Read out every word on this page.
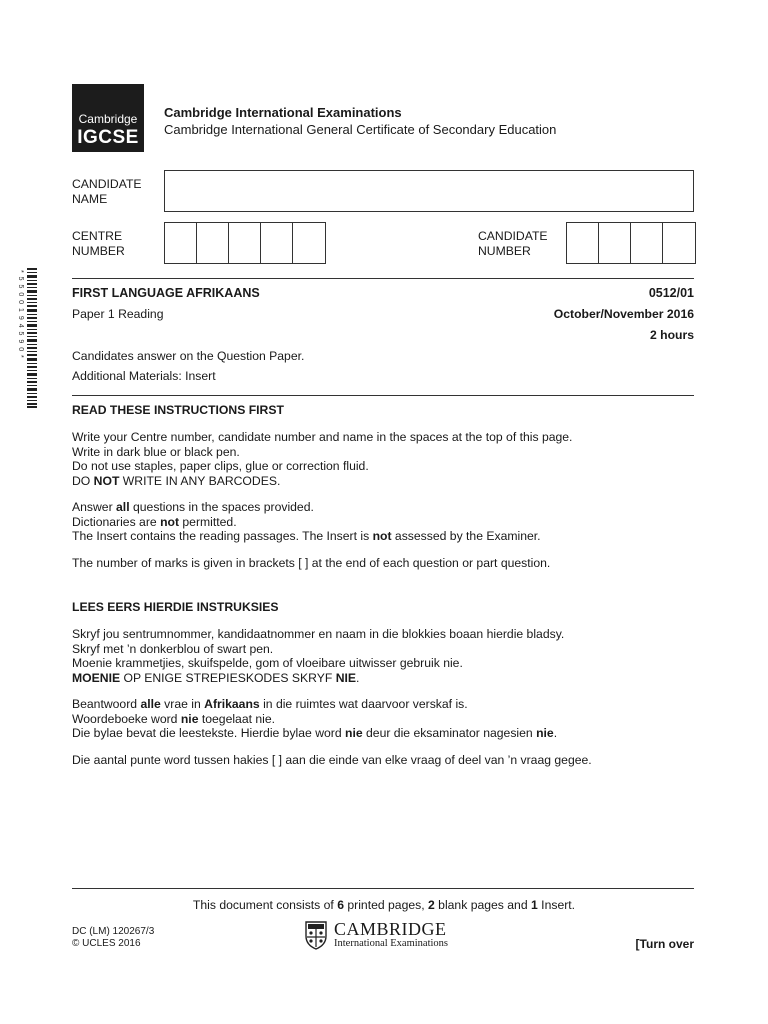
Cambridge
IGCSE
Cambridge International Examinations
Cambridge International General Certificate of Secondary Education
CANDIDATE
NAME
CENTRE
NUMBER
CANDIDATE
NUMBER
* 5 5 0 0 1 9 4 5 9 0 *	FIRST LANGUAGE AFRIKAANS	0512/01
Paper 1 Reading	October/November 2016
2 hours
Candidates answer on the Question Paper.
Additional Materials: Insert
READ THESE INSTRUCTIONS FIRST
Write your Centre number, candidate number and name in the spaces at the top of this page.
Write in dark blue or black pen.
Do not use staples, paper clips, glue or correction fluid.
DO NOT WRITE IN ANY BARCODES.
Answer all questions in the spaces provided.
Dictionaries are not permitted.
The Insert contains the reading passages. The Insert is not assessed by the Examiner.
The number of marks is given in brackets [ ] at the end of each question or part question.
LEES EERS HIERDIE INSTRUKSIES
Skryf jou sentrumnommer, kandidaatnommer en naam in die blokkies boaan hierdie bladsy.
Skryf met ’n donkerblou of swart pen.
Moenie krammetjies, skuifspelde, gom of vloeibare uitwisser gebruik nie.
MOENIE OP ENIGE STREPIESKODES SKRYF NIE.
Beantwoord alle vrae in Afrikaans in die ruimtes wat daarvoor verskaf is.
Woordeboeke word nie toegelaat nie.
Die bylae bevat die leestekste. Hierdie bylae word nie deur die eksaminator nagesien nie.
Die aantal punte word tussen hakies [ ] aan die einde van elke vraag of deel van ’n vraag gegee.
This document consists of 6 printed pages, 2 blank pages and 1 Insert.
DC (LM) 120267/3
© UCLES 2016
CAMBRIDGE
International Examinations	[Turn over
